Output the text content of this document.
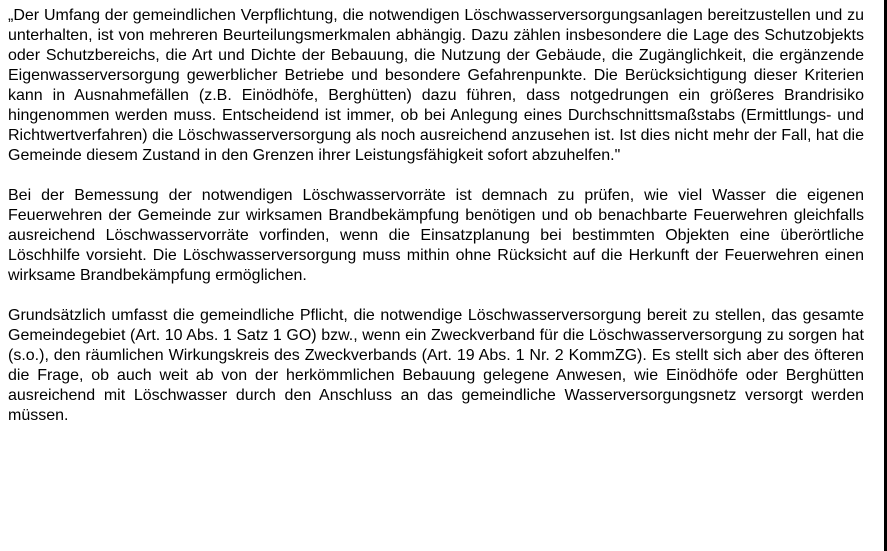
„Der Umfang der gemeindlichen Verpflichtung, die notwendigen Löschwasserversorgungsanlagen bereitzustellen und zu unterhalten, ist von mehreren Beurteilungsmerkmalen abhängig. Dazu zählen insbesondere die Lage des Schutzobjekts oder Schutzbereichs, die Art und Dichte der Bebauung, die Nutzung der Gebäude, die Zugänglichkeit, die ergänzende Eigenwasserversorgung gewerblicher Betriebe und besondere Gefahrenpunkte. Die Berücksichtigung dieser Kriterien kann in Ausnahmefällen (z.B. Einödhöfe, Berghütten) dazu führen, dass notgedrungen ein größeres Brandrisiko hingenommen werden muss. Entscheidend ist immer, ob bei Anlegung eines Durchschnittsmaßstabs (Ermittlungs- und Richtwertverfahren) die Löschwasserversorgung als noch ausreichend anzusehen ist. Ist dies nicht mehr der Fall, hat die Gemeinde diesem Zustand in den Grenzen ihrer Leistungsfähigkeit sofort abzuhelfen."

Bei der Bemessung der notwendigen Löschwasservorräte ist demnach zu prüfen, wie viel Wasser die eigenen Feuerwehren der Gemeinde zur wirksamen Brandbekämpfung benötigen und ob benachbarte Feuerwehren gleichfalls ausreichend Löschwasservorräte vorfinden, wenn die Einsatzplanung bei bestimmten Objekten eine überörtliche Löschhilfe vorsieht. Die Löschwasserversorgung muss mithin ohne Rücksicht auf die Herkunft der Feuerwehren einen wirksame Brandbekämpfung ermöglichen.

Grundsätzlich umfasst die gemeindliche Pflicht, die notwendige Löschwasserversorgung bereit zu stellen, das gesamte Gemeindegebiet (Art. 10 Abs. 1 Satz 1 GO) bzw., wenn ein Zweckverband für die Löschwasserversorgung zu sorgen hat (s.o.), den räumlichen Wirkungskreis des Zweckverbands (Art. 19 Abs. 1 Nr. 2 KommZG). Es stellt sich aber des öfteren die Frage, ob auch weit ab von der herkömmlichen Bebauung gelegene Anwesen, wie Einödhöfe oder Berghütten ausreichend mit Löschwasser durch den Anschluss an das gemeindliche Wasserversorgungsnetz versorgt werden müssen.
